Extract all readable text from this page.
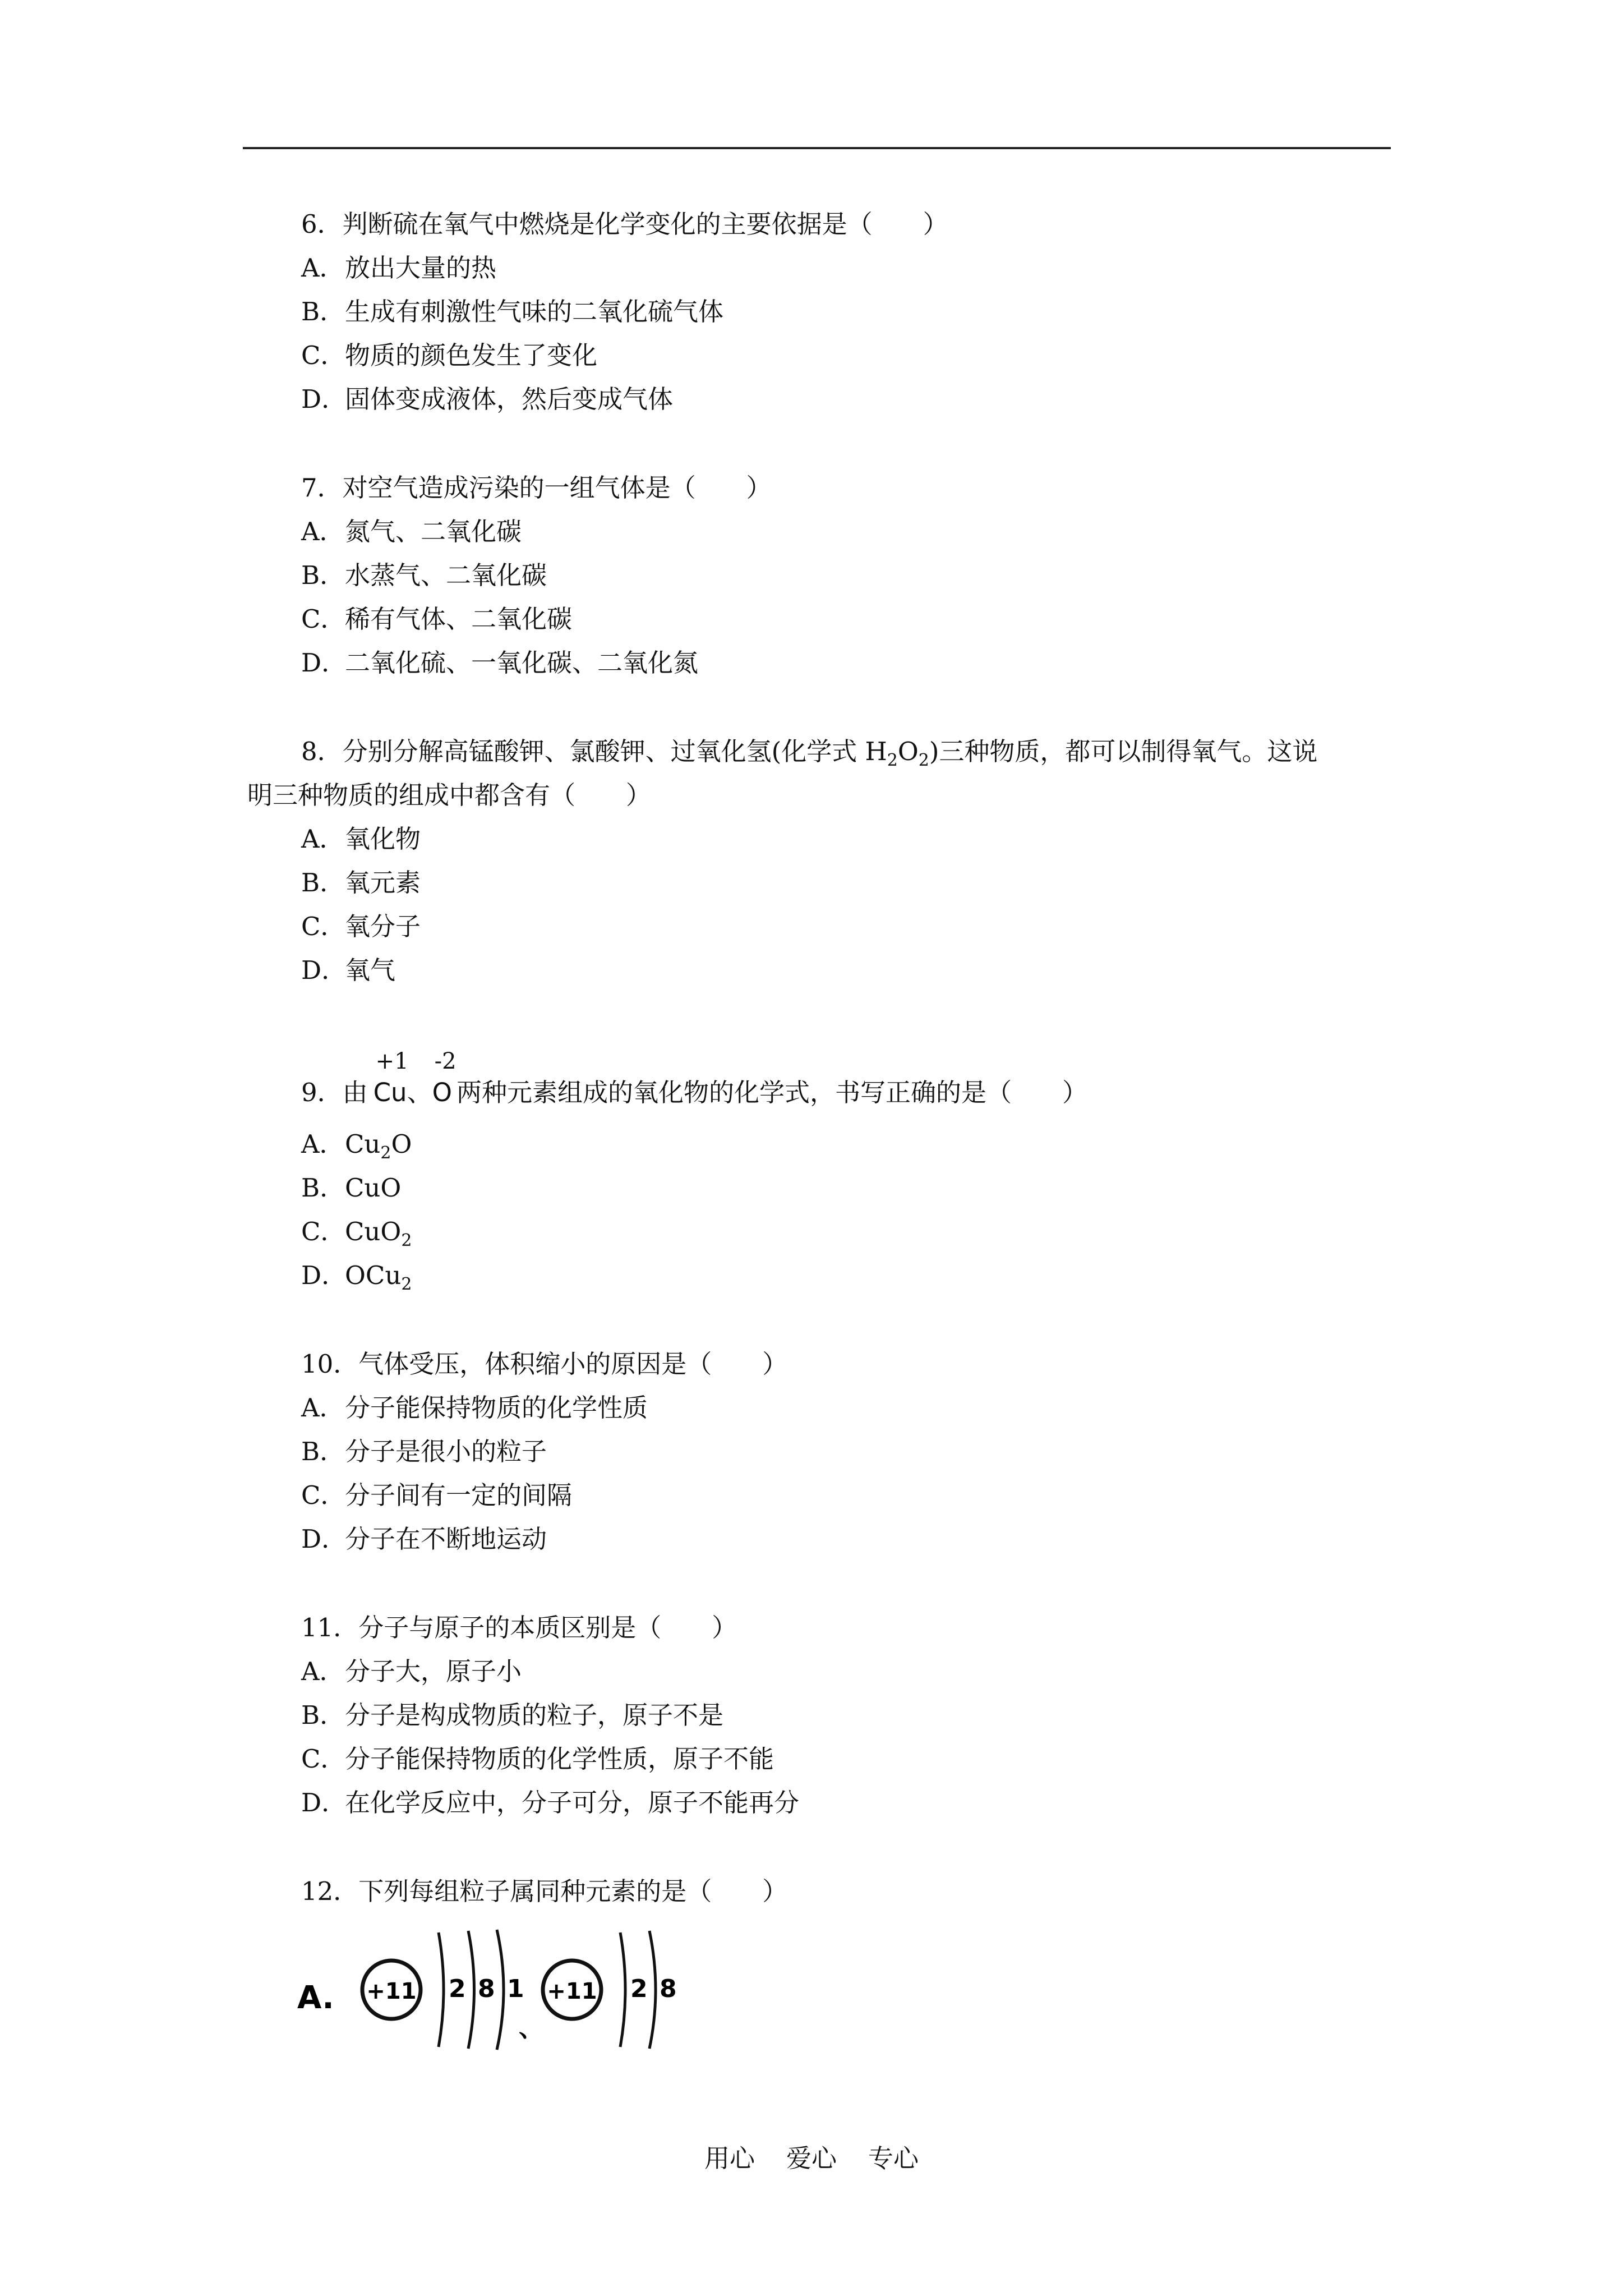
6．判断硫在氧气中燃烧是化学变化的主要依据是（　　）
A．放出大量的热
B．生成有刺激性气味的二氧化硫气体
C．物质的颜色发生了变化
D．固体变成液体，然后变成气体
7．对空气造成污染的一组气体是（　　）
A．氮气、二氧化碳
B．水蒸气、二氧化碳
C．稀有气体、二氧化碳
D．二氧化硫、一氧化碳、二氧化氮
8．分别分解高锰酸钾、氯酸钾、过氧化氢(化学式 $H_2O_2$)三种物质，都可以制得氧气。这说
明三种物质的组成中都含有（　　）
A．氧化物
B．氧元素
C．氧分子
D．氧气
9．由
+1
Cu、
-2
O 两种元素组成的氧化物的化学式，书写正确的是（　　）
A．$Cu_2O$
B．CuO
C．CuO$_2$
D．OCu$_2$
10．气体受压，体积缩小的原因是（　　）
A．分子能保持物质的化学性质
B．分子是很小的粒子
C．分子间有一定的间隔
D．分子在不断地运动
11．分子与原子的本质区别是（　　）
A．分子大，原子小
B．分子是构成物质的粒子，原子不是
C．分子能保持物质的化学性质，原子不能
D．在化学反应中，分子可分，原子不能再分
12．下列每组粒子属同种元素的是（　　）
A. +11 2 8 1
、
+11 2 8
用心 爱心 专心
